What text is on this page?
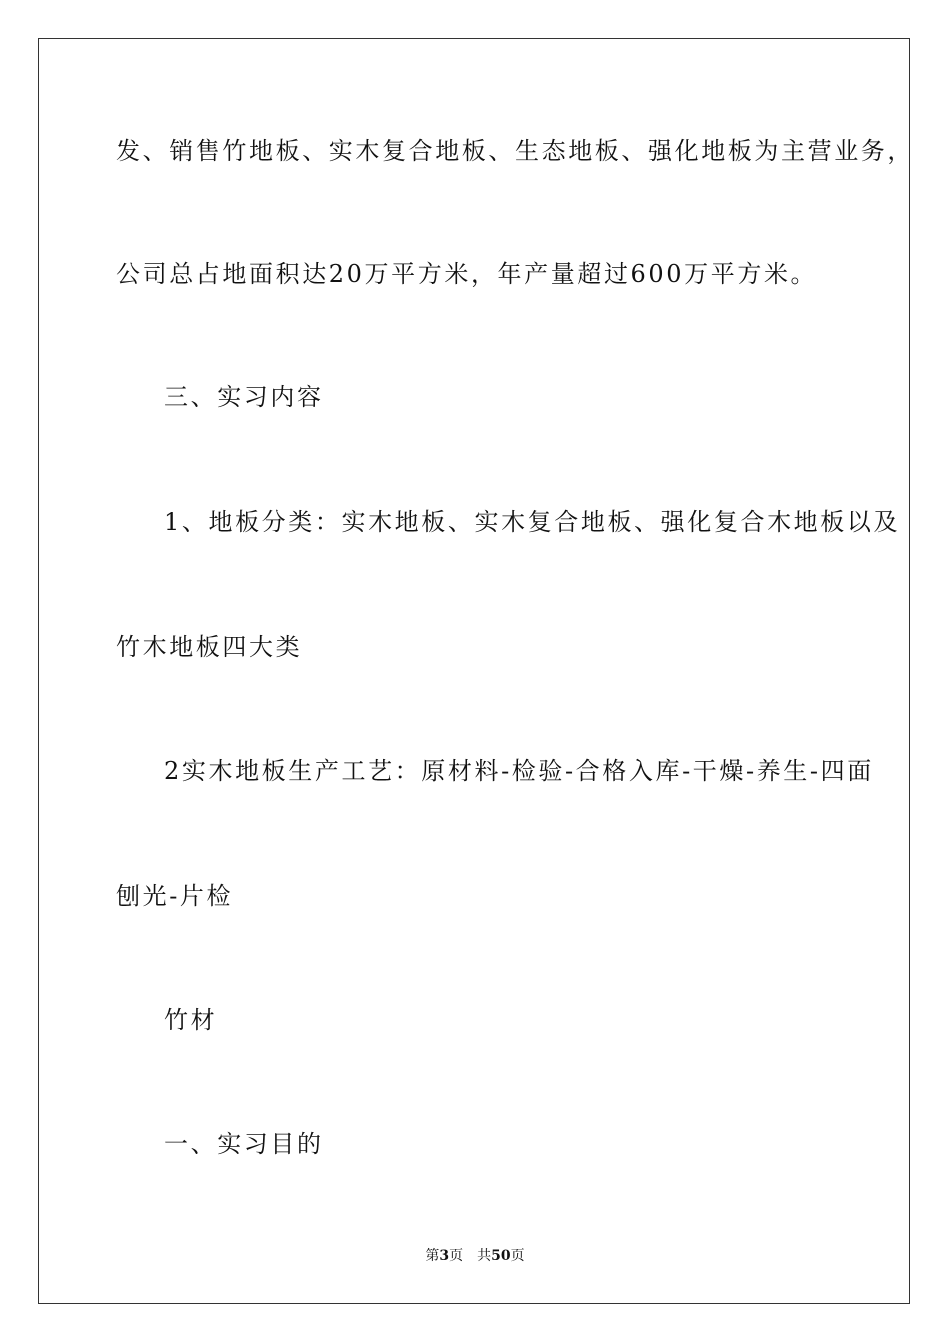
发、销售竹地板、实木复合地板、生态地板、强化地板为主营业务，
公司总占地面积达20万平方米，年产量超过600万平方米。
三、实习内容
1、地板分类：实木地板、实木复合地板、强化复合木地板以及
竹木地板四大类
2实木地板生产工艺：原材料-检验-合格入库-干燥-养生-四面
刨光-片检
竹材
一、实习目的
第3页 共50页
